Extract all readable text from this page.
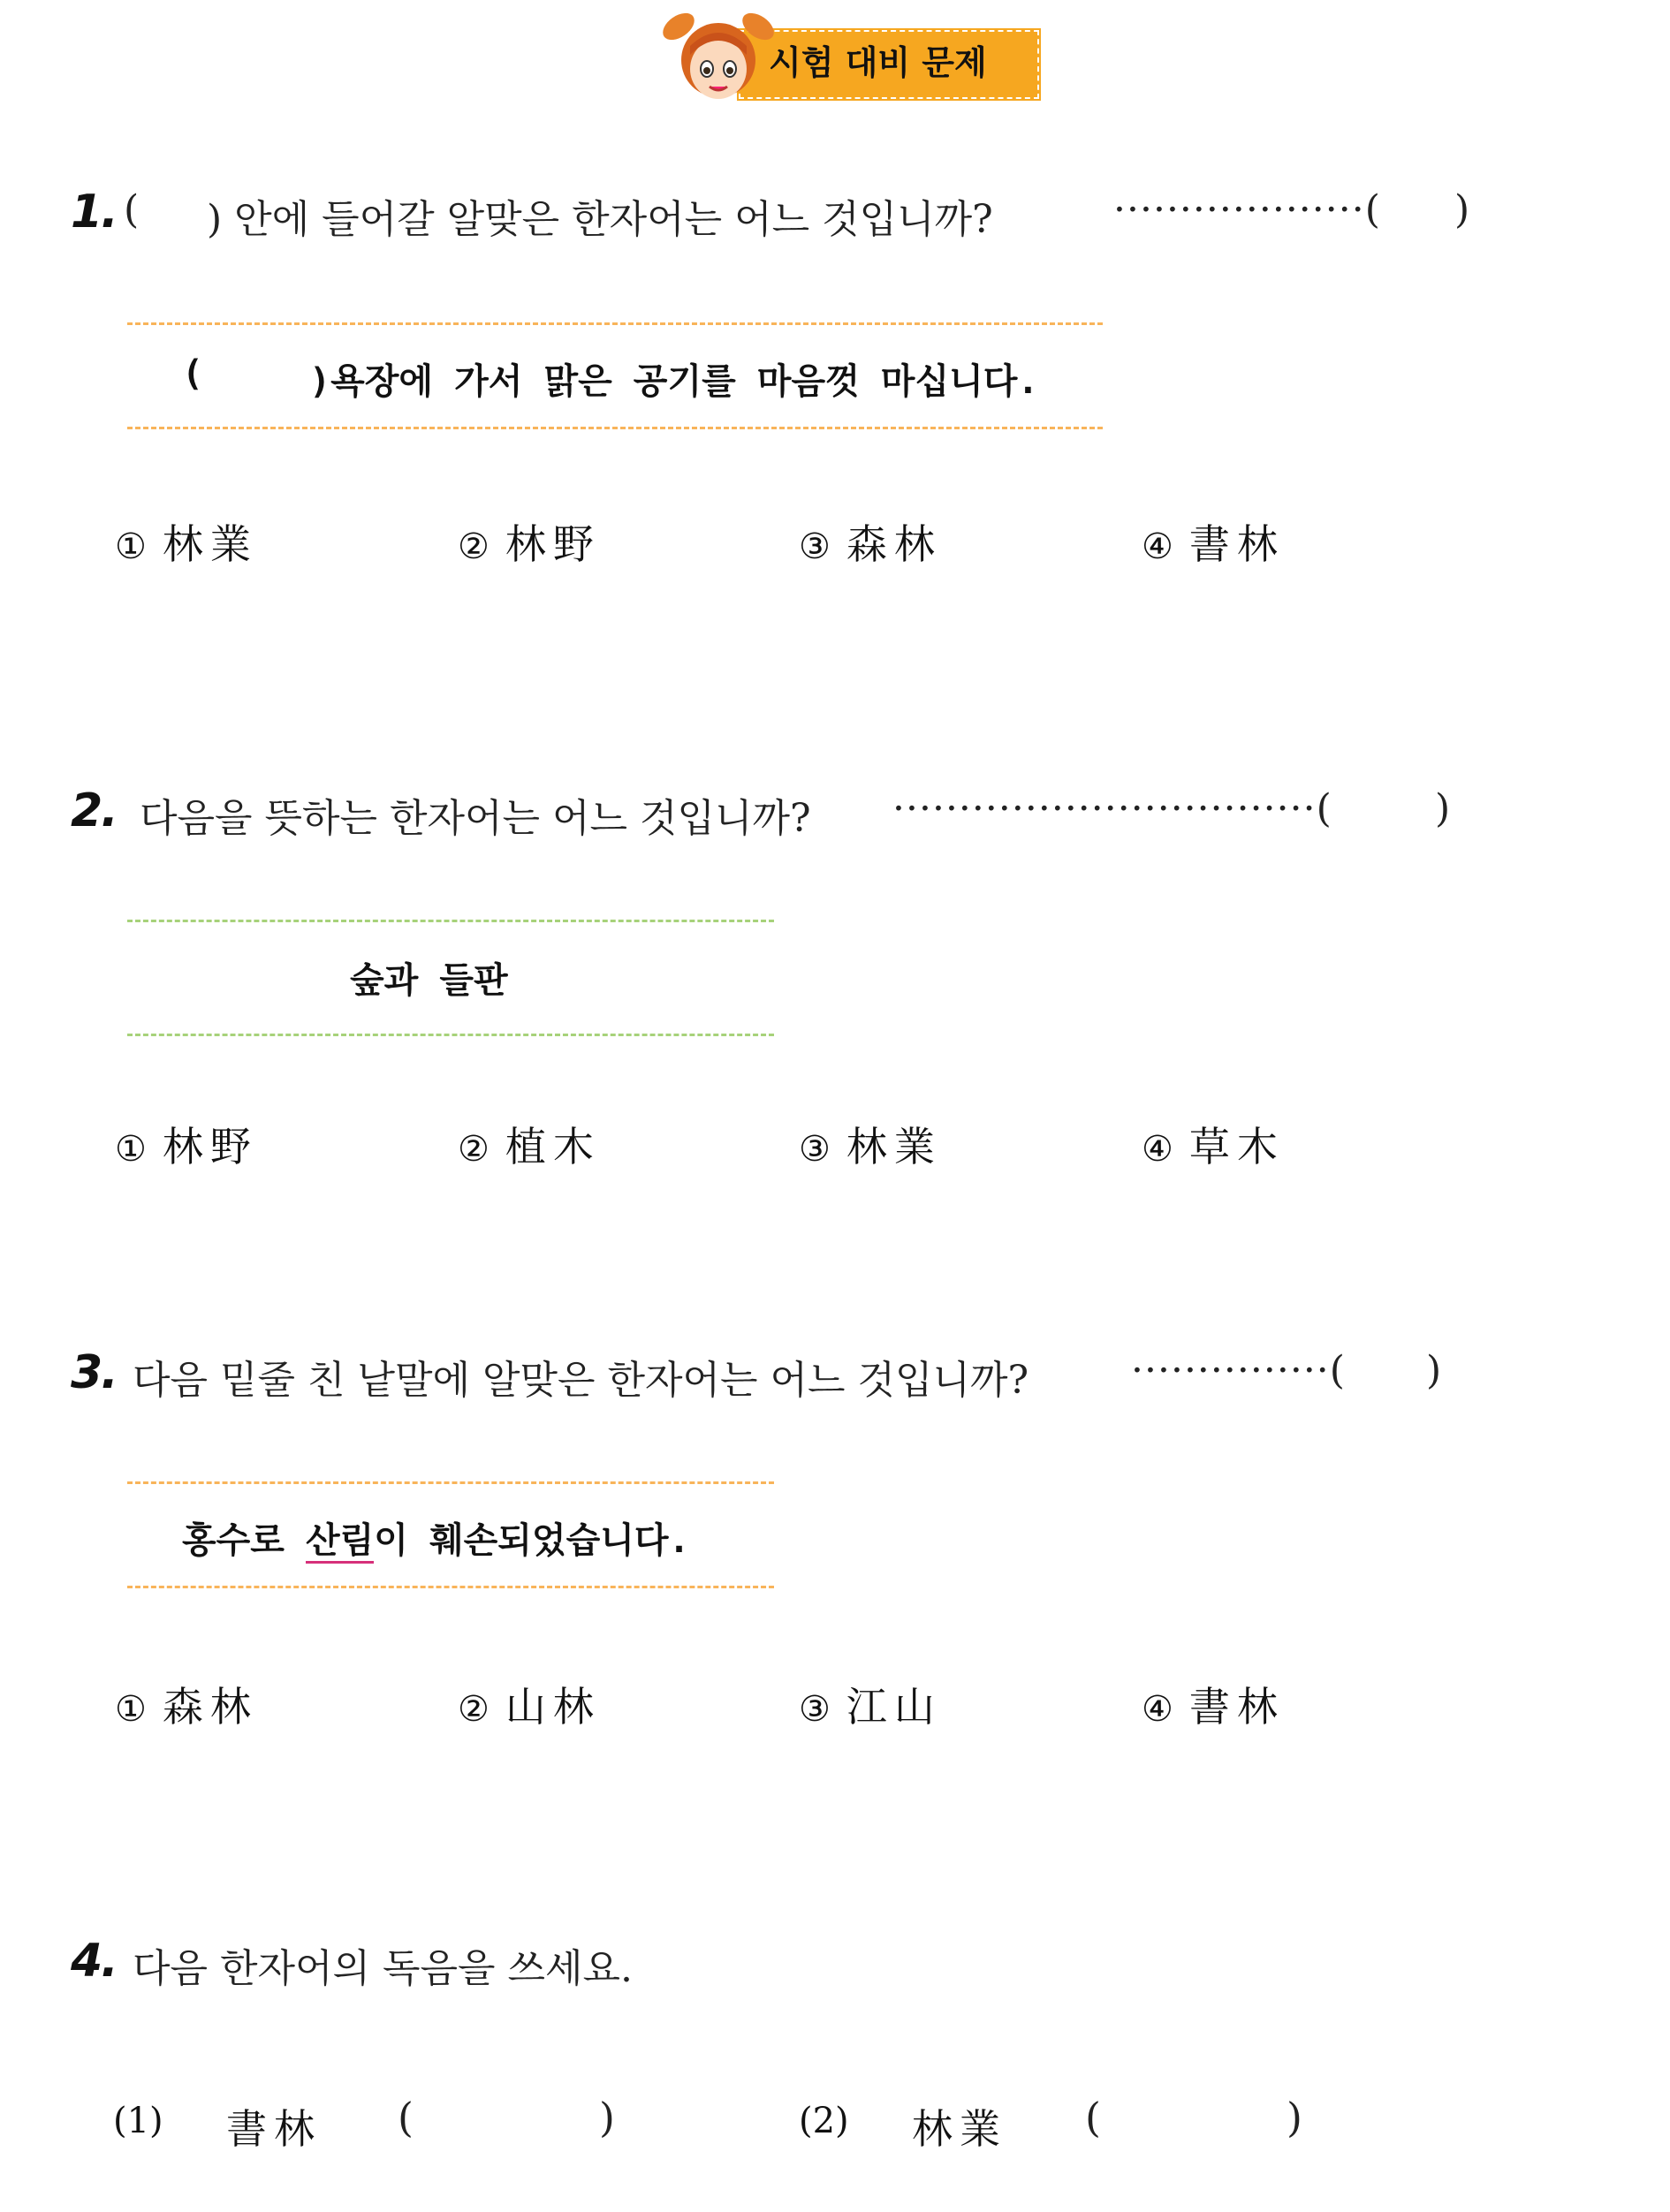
시험 대비 문제
1. ( ) 안에 들어갈 알맞은 한자어는 어느 것입니까?	···················( )
(	)욕장에 가서 맑은 공기를 마음껏 마십니다.
① 林業	② 林野	③ 森林	④ 書林
2. 다음을 뜻하는 한자어는 어느 것입니까? ································(	)
숲과 들판
① 林野	② 植木	③ 林業	④ 草木
3. 다음 밑줄 친 낱말에 알맞은 한자어는 어느 것입니까?	···············( )
홍수로 산림이 훼손되었습니다.
① 森林	② 山林	③ 江山	④ 書林
4. 다음 한자어의 독음을 쓰세요.
(1) 書林 (	)	(2) 林業 (	)
